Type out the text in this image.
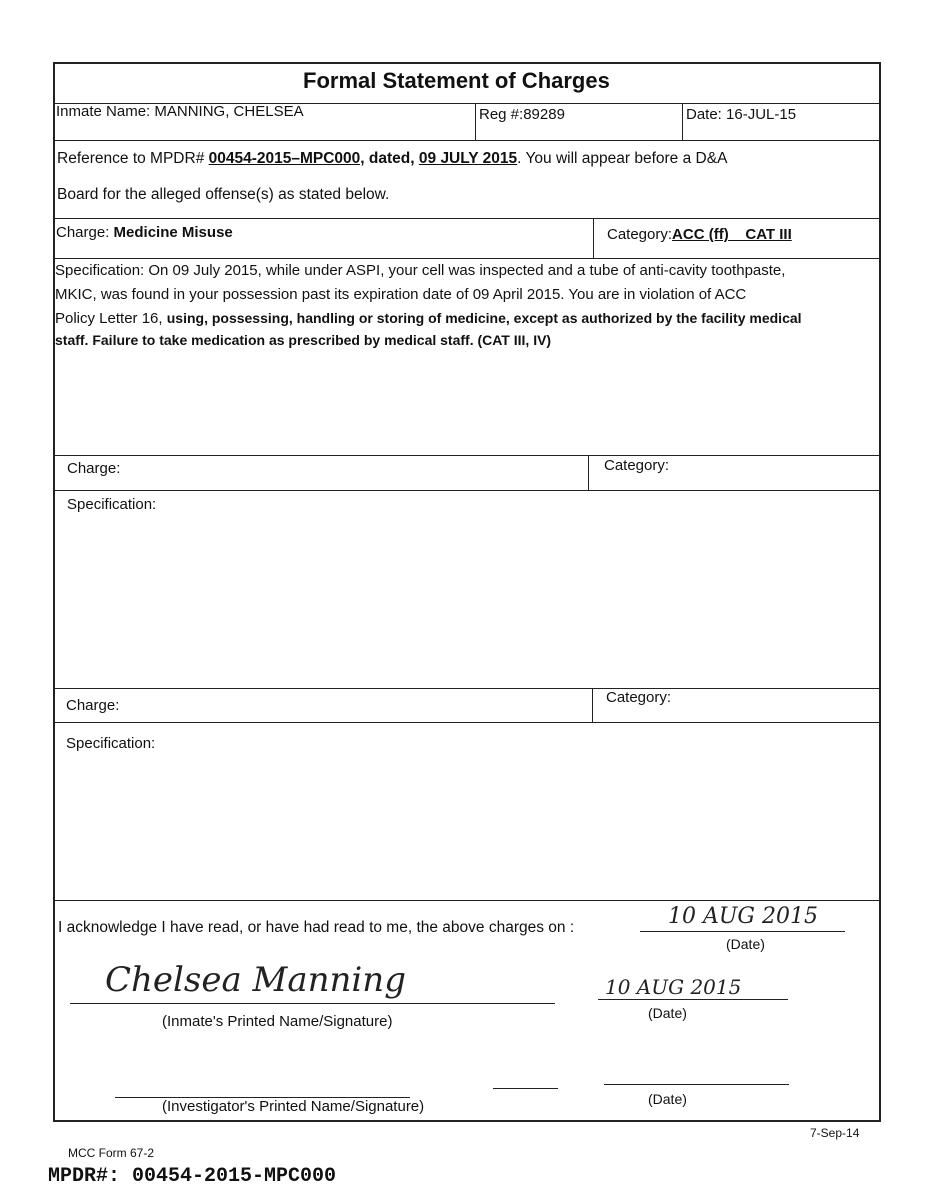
Formal Statement of Charges
Inmate Name: MANNING, CHELSEA	Reg #:89289	Date: 16-JUL-15
Reference to MPDR# 00454-2015–MPC000, dated, 09 JULY 2015. You will appear before a D&A
Board for the alleged offense(s) as stated below.
Charge: Medicine Misuse	Category:ACC (ff)    CAT III
Specification: On 09 July 2015, while under ASPI, your cell was inspected and a tube of anti-cavity toothpaste,
MKIC, was found in your possession past its expiration date of 09 April 2015. You are in violation of ACC
Policy Letter 16, using, possessing, handling or storing of medicine, except as authorized by the facility medical
staff. Failure to take medication as prescribed by medical staff. (CAT III, IV)
Charge:	Category:
Specification:
Charge:	Category:
Specification:
I acknowledge I have read, or have had read to me, the above charges on :	10 AUG 2015
(Date)
Chelsea Manning
(Inmate's Printed Name/Signature)
10 AUG 2015
(Date)
(Investigator's Printed Name/Signature)	(Date)
7-Sep-14
MCC Form 67-2
MPDR#: 00454-2015-MPC000
